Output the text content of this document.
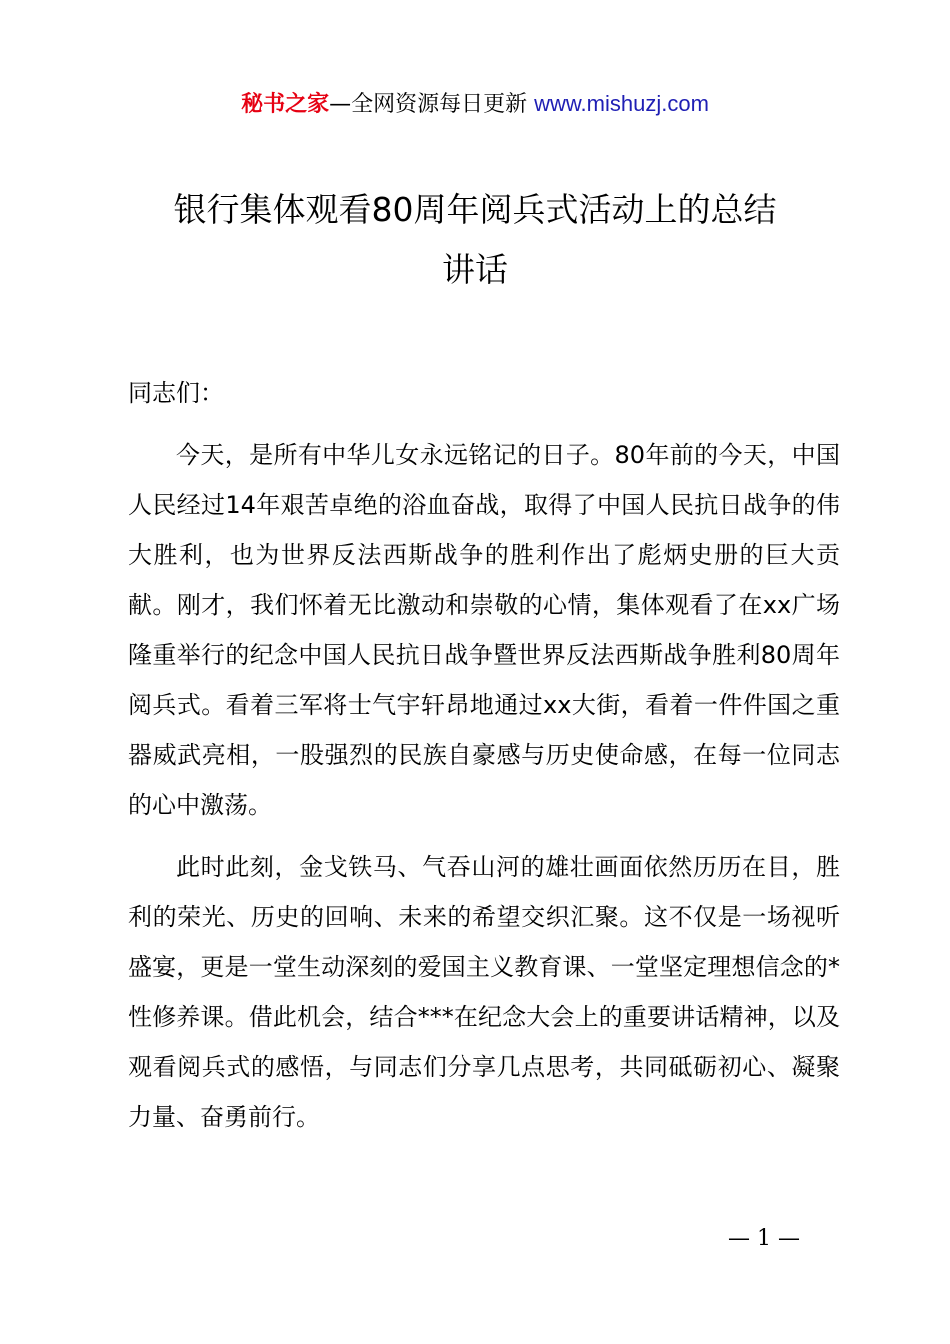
秘书之家—全网资源每日更新 www.mishuzj.com
银行集体观看80周年阅兵式活动上的总结
讲话

同志们：

今天，是所有中华儿女永远铭记的日子。80年前的今天，中国人民经过14年艰苦卓绝的浴血奋战，取得了中国人民抗日战争的伟大胜利，也为世界反法西斯战争的胜利作出了彪炳史册的巨大贡献。刚才，我们怀着无比激动和崇敬的心情，集体观看了在xx广场隆重举行的纪念中国人民抗日战争暨世界反法西斯战争胜利80周年阅兵式。看着三军将士气宇轩昂地通过xx大街，看着一件件国之重器威武亮相，一股强烈的民族自豪感与历史使命感，在每一位同志的心中激荡。

此时此刻，金戈铁马、气吞山河的雄壮画面依然历历在目，胜利的荣光、历史的回响、未来的希望交织汇聚。这不仅是一场视听盛宴，更是一堂生动深刻的爱国主义教育课、一堂坚定理想信念的*性修养课。借此机会，结合***在纪念大会上的重要讲话精神，以及观看阅兵式的感悟，与同志们分享几点思考，共同砥砺初心、凝聚力量、奋勇前行。

— 1 —
